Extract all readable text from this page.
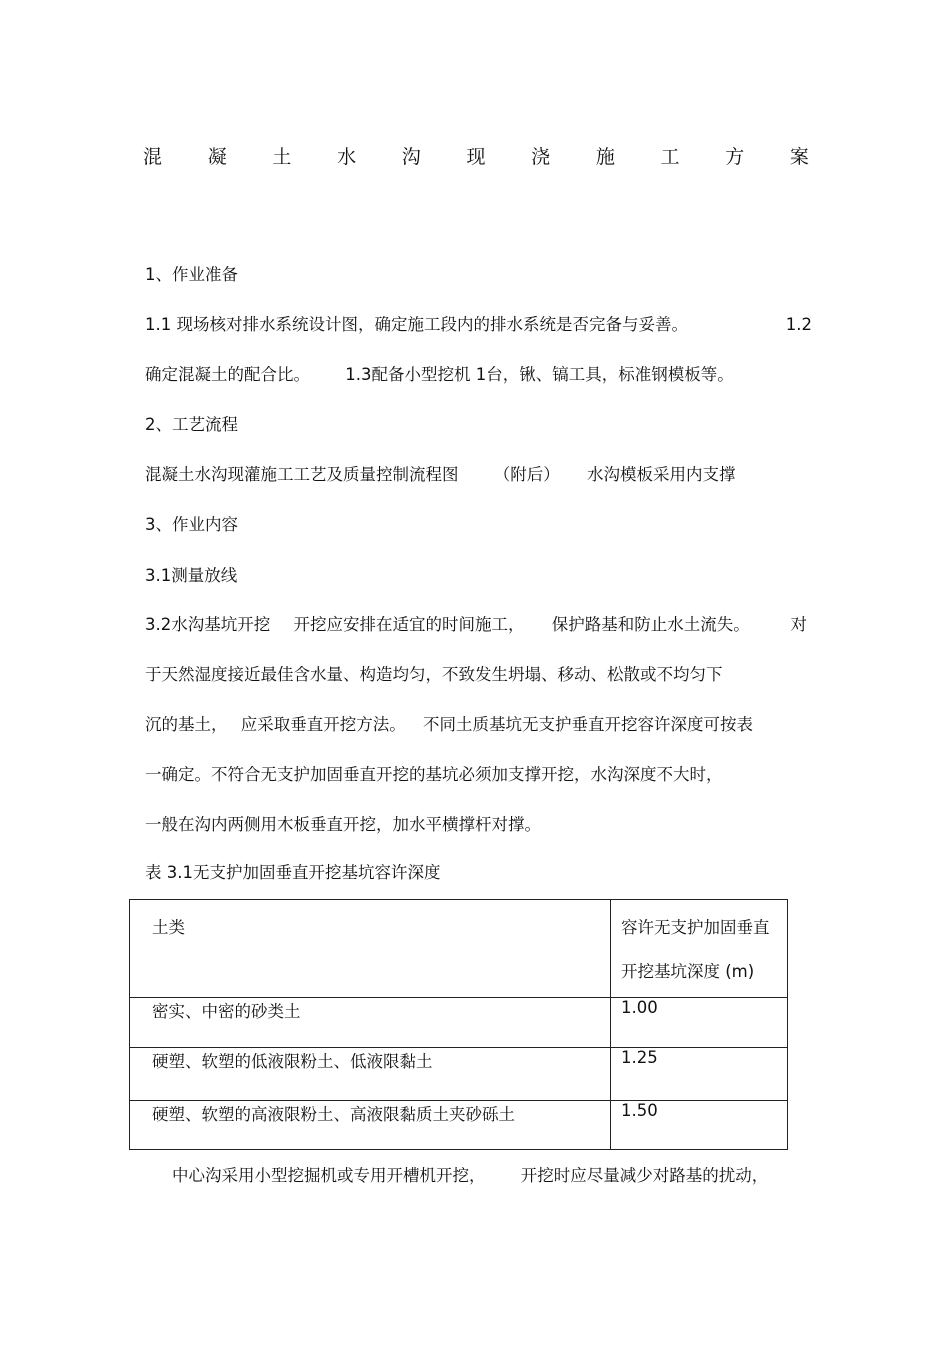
混 凝 土 水 沟 现 浇 施 工 方 案
1、作业准备
1.1 现场核对排水系统设计图，确定施工段内的排水系统是否完备与妥善。	1.2
确定混凝土的配合比。 1.3配备小型挖机 1台，锹、镐工具，标准钢模板等。
2、工艺流程
混凝土水沟现灌施工工艺及质量控制流程图 （附后） 水沟模板采用内支撑
3、作业内容
3.1测量放线
3.2水沟基坑开挖 开挖应安排在适宜的时间施工， 保护路基和防止水土流失。 对
于天然湿度接近最佳含水量、构造均匀，不致发生坍塌、移动、松散或不均匀下
沉的基土， 应采取垂直开挖方法。 不同土质基坑无支护垂直开挖容许深度可按表
一确定。不符合无支护加固垂直开挖的基坑必须加支撑开挖，水沟深度不大时，
一般在沟内两侧用木板垂直开挖，加水平横撑杆对撑。
表 3.1无支护加固垂直开挖基坑容许深度
土类	容许无支护加固垂直
开挖基坑深度 (m)

密实、中密的砂类土	1.00
硬塑、软塑的低液限粉土、低液限黏土	1.25
硬塑、软塑的高液限粉土、高液限黏质土夹砂砾土	1.50
中心沟采用小型挖掘机或专用开槽机开挖， 开挖时应尽量减少对路基的扰动，
